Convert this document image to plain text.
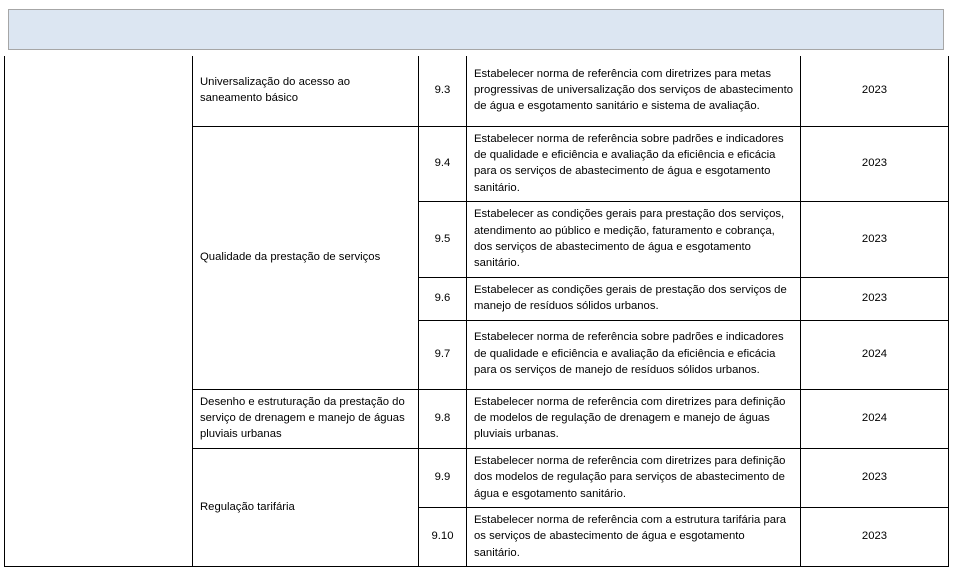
	Universalização do acesso ao saneamento básico	9.3	Estabelecer norma de referência com diretrizes para metas progressivas de universalização dos serviços de abastecimento de água e esgotamento sanitário e sistema de avaliação.	2023
	Qualidade da prestação de serviços	9.4	Estabelecer norma de referência sobre padrões e indicadores de qualidade e eficiência e avaliação da eficiência e eficácia para os serviços de abastecimento de água e esgotamento sanitário.	2023
		9.5	Estabelecer as condições gerais para prestação dos serviços, atendimento ao público e medição, faturamento e cobrança, dos serviços de abastecimento de água e esgotamento sanitário.	2023
		9.6	Estabelecer as condições gerais de prestação dos serviços de manejo de resíduos sólidos urbanos.	2023
		9.7	Estabelecer norma de referência sobre padrões e indicadores de qualidade e eficiência e avaliação da eficiência e eficácia para os serviços de manejo de resíduos sólidos urbanos.	2024
	Desenho e estruturação da prestação do serviço de drenagem e manejo de águas pluviais urbanas	9.8	Estabelecer norma de referência com diretrizes para definição de modelos de regulação de drenagem e manejo de águas pluviais urbanas.	2024
	Regulação tarifária	9.9	Estabelecer norma de referência com diretrizes para definição dos modelos de regulação para serviços de abastecimento de água e esgotamento sanitário.	2023
		9.10	Estabelecer norma de referência com a estrutura tarifária para os serviços de abastecimento de água e esgotamento sanitário.	2023
